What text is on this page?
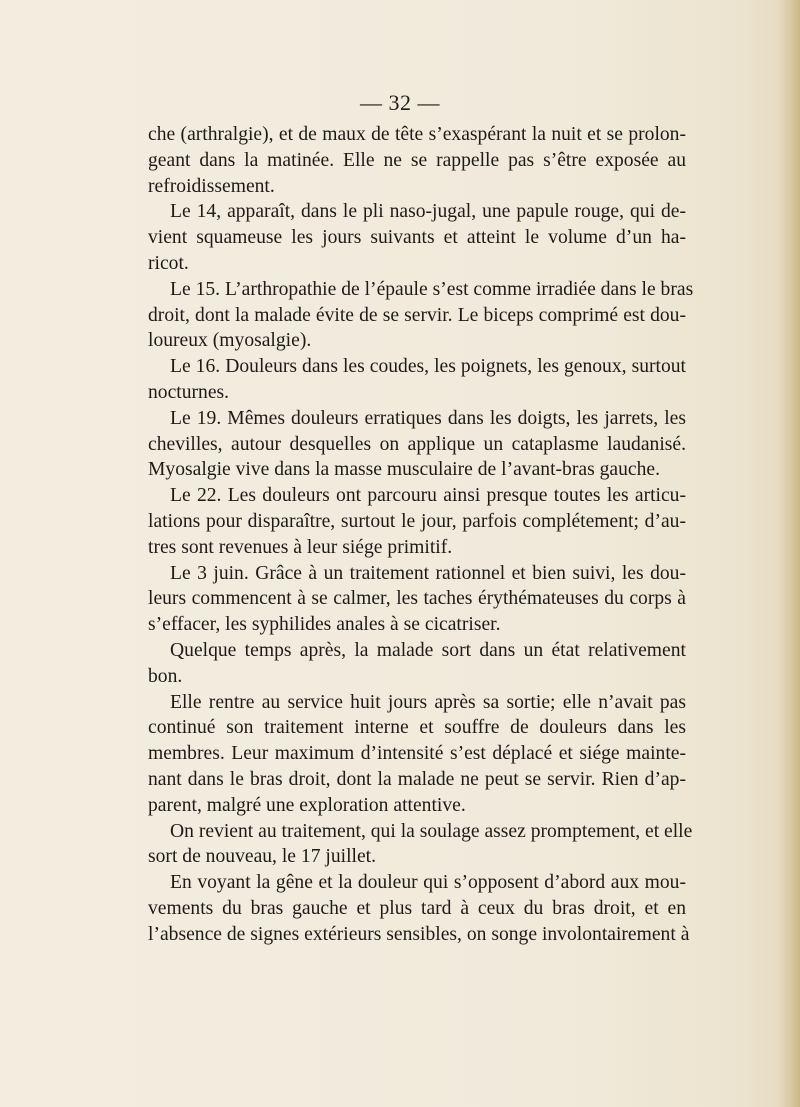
— 32 —
che (arthralgie), et de maux de tête s’exaspérant la nuit et se prolon-
geant dans la matinée. Elle ne se rappelle pas s’être exposée au
refroidissement.
Le 14, apparaît, dans le pli naso-jugal, une papule rouge, qui de-
vient squameuse les jours suivants et atteint le volume d’un ha-
ricot.
Le 15. L’arthropathie de l’épaule s’est comme irradiée dans le bras
droit, dont la malade évite de se servir. Le biceps comprimé est dou-
loureux (myosalgie).
Le 16. Douleurs dans les coudes, les poignets, les genoux, surtout
nocturnes.
Le 19. Mêmes douleurs erratiques dans les doigts, les jarrets, les
chevilles, autour desquelles on applique un cataplasme laudanisé.
Myosalgie vive dans la masse musculaire de l’avant-bras gauche.
Le 22. Les douleurs ont parcouru ainsi presque toutes les articu-
lations pour disparaître, surtout le jour, parfois complétement; d’au-
tres sont revenues à leur siége primitif.
Le 3 juin. Grâce à un traitement rationnel et bien suivi, les dou-
leurs commencent à se calmer, les taches érythémateuses du corps à
s’effacer, les syphilides anales à se cicatriser.
Quelque temps après, la malade sort dans un état relativement
bon.
Elle rentre au service huit jours après sa sortie; elle n’avait pas
continué son traitement interne et souffre de douleurs dans les
membres. Leur maximum d’intensité s’est déplacé et siége mainte-
nant dans le bras droit, dont la malade ne peut se servir. Rien d’ap-
parent, malgré une exploration attentive.
On revient au traitement, qui la soulage assez promptement, et elle
sort de nouveau, le 17 juillet.
En voyant la gêne et la douleur qui s’opposent d’abord aux mou-
vements du bras gauche et plus tard à ceux du bras droit, et en
l’absence de signes extérieurs sensibles, on songe involontairement à
